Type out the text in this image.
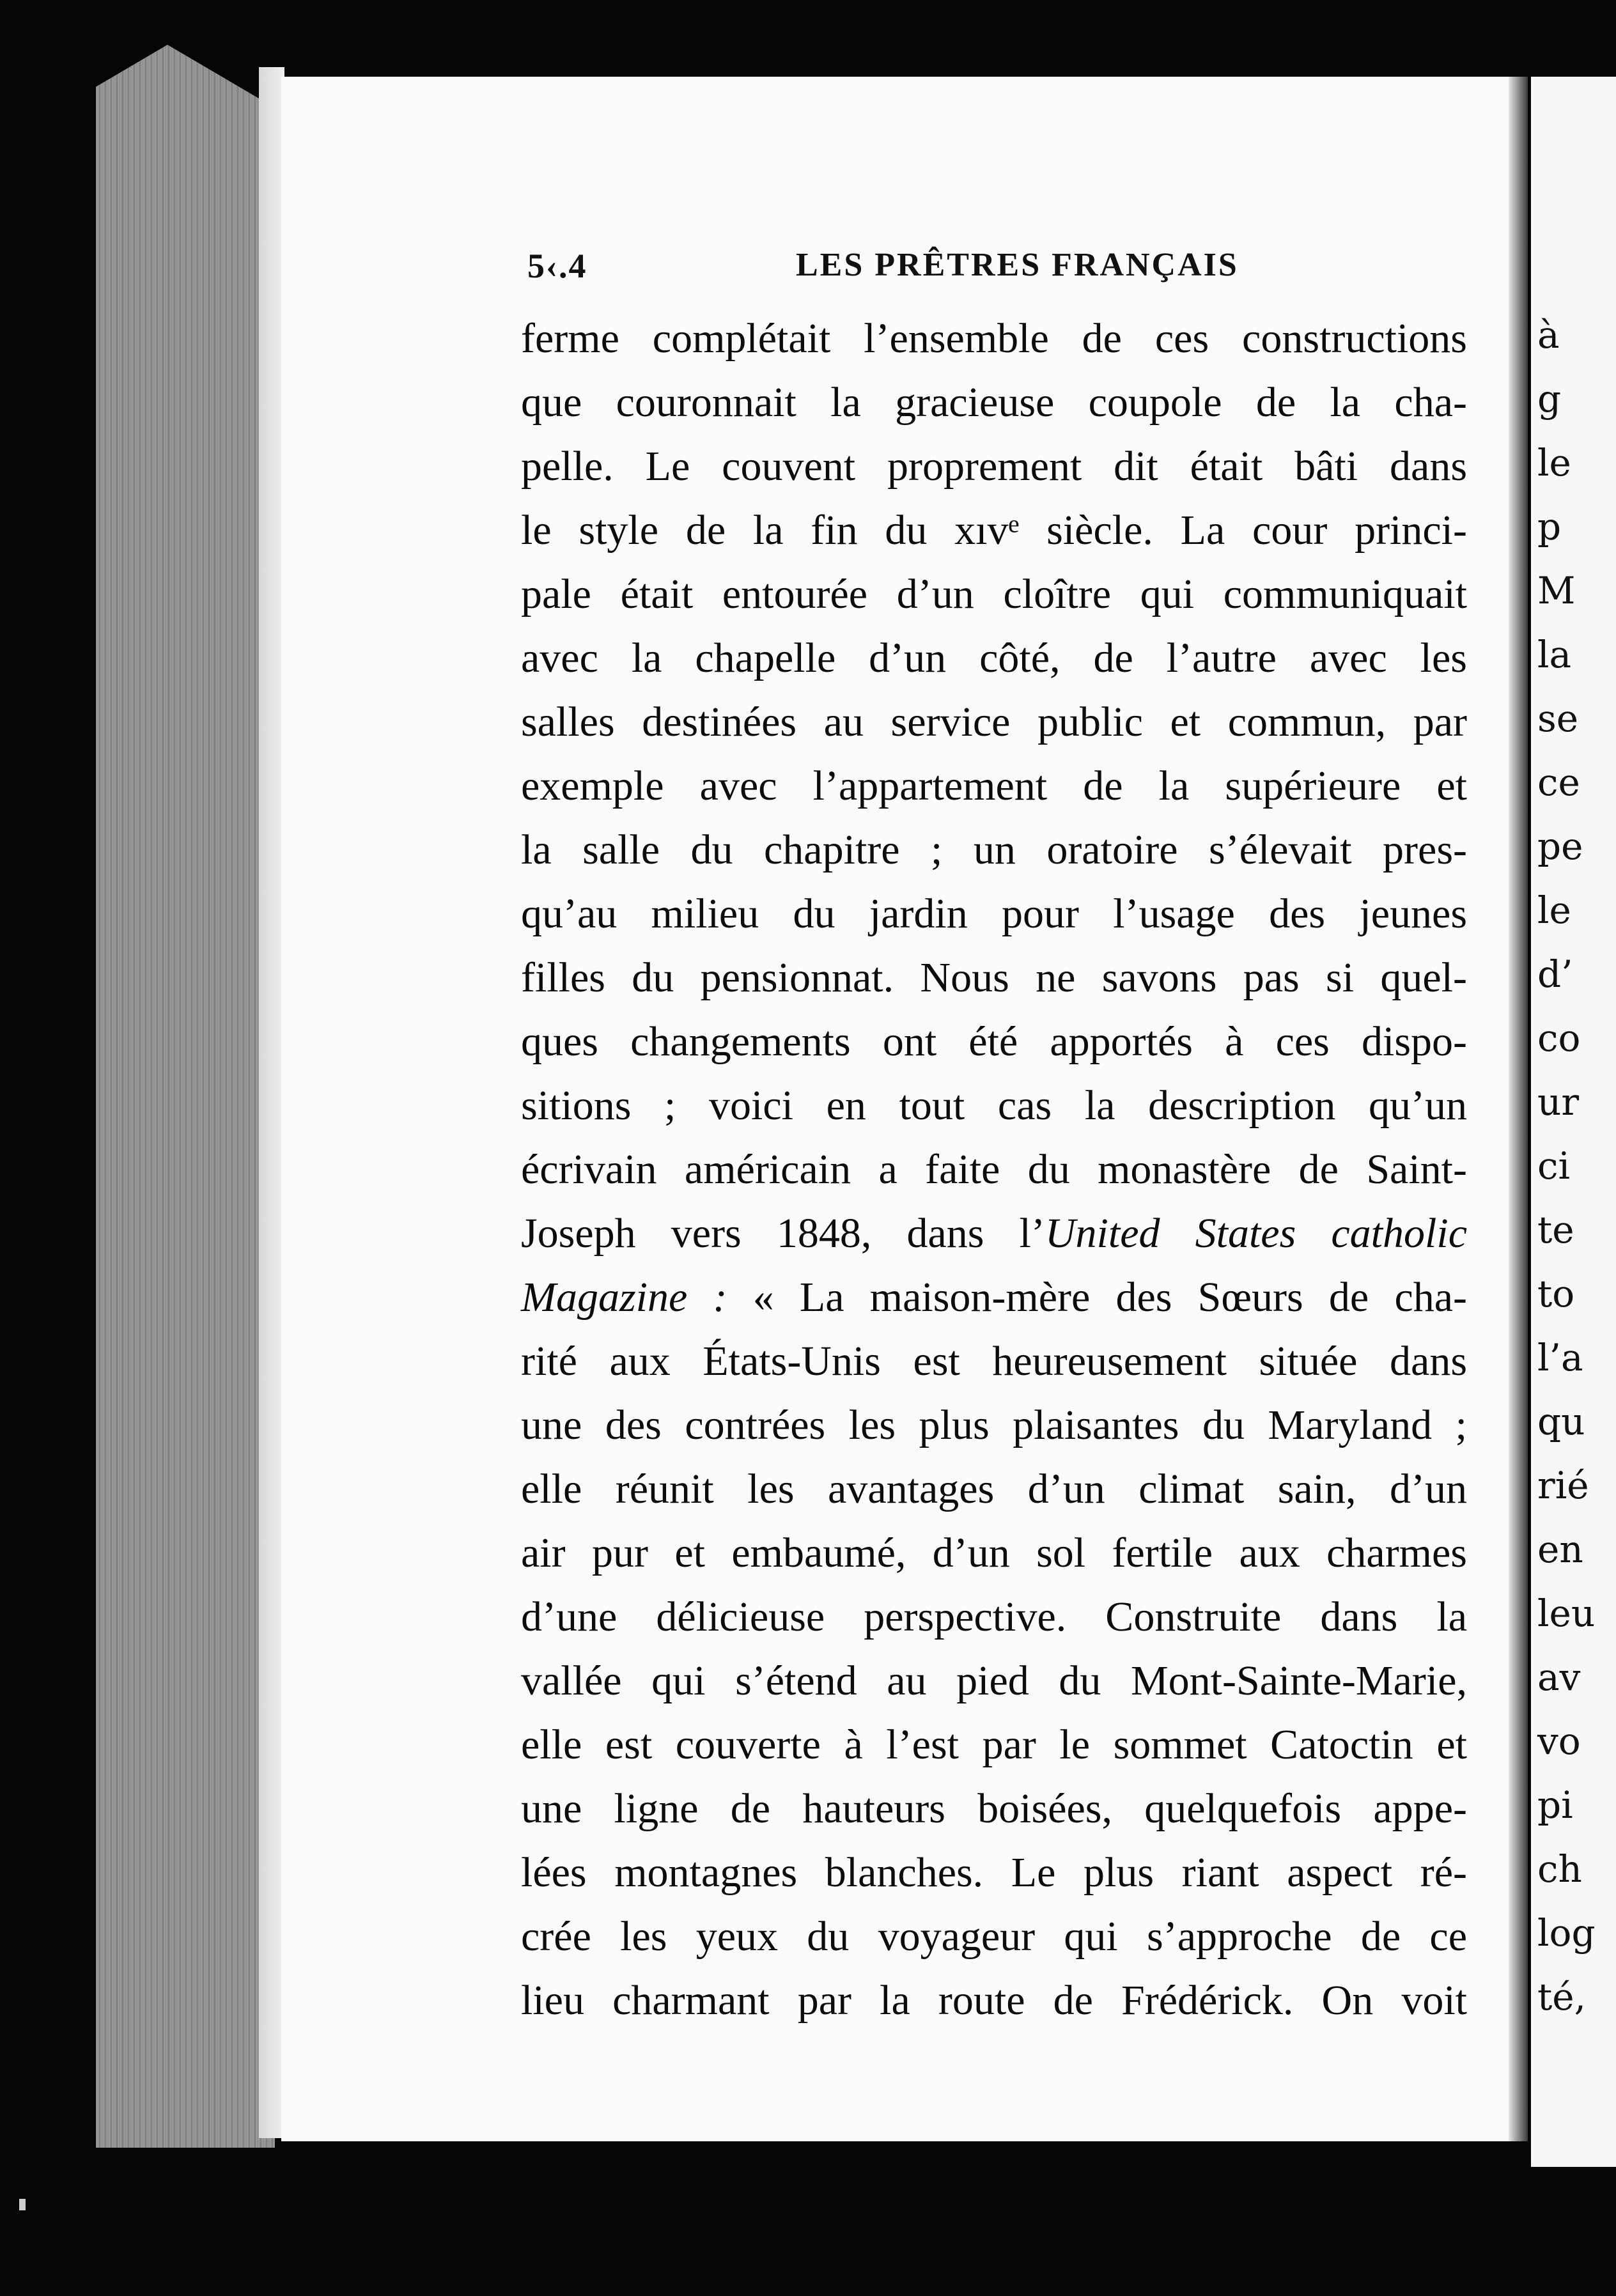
à
g
le
p
M
la
se
ce
pe
le
d’
co
ur
ci
te
to
l’a
qu
rié
en
leu
av
vo
pi
ch
log
té,
5‹.4	LES PRÊTRES FRANÇAIS
ferme complétait l’ensemble de ces constructions
que couronnait la gracieuse coupole de la cha-
pelle. Le couvent proprement dit était bâti dans
le style de la fin du xıvᵉ siècle. La cour princi-
pale était entourée d’un cloître qui communiquait
avec la chapelle d’un côté, de l’autre avec les
salles destinées au service public et commun, par
exemple avec l’appartement de la supérieure et
la salle du chapitre ; un oratoire s’élevait pres-
qu’au milieu du jardin pour l’usage des jeunes
filles du pensionnat. Nous ne savons pas si quel-
ques changements ont été apportés à ces dispo-
sitions ; voici en tout cas la description qu’un
écrivain américain a faite du monastère de Saint-
Joseph vers 1848, dans l’United States catholic
Magazine : « La maison-mère des Sœurs de cha-
rité aux États-Unis est heureusement située dans
une des contrées les plus plaisantes du Maryland ;
elle réunit les avantages d’un climat sain, d’un
air pur et embaumé, d’un sol fertile aux charmes
d’une délicieuse perspective. Construite dans la
vallée qui s’étend au pied du Mont-Sainte-Marie,
elle est couverte à l’est par le sommet Catoctin et
une ligne de hauteurs boisées, quelquefois appe-
lées montagnes blanches. Le plus riant aspect ré-
crée les yeux du voyageur qui s’approche de ce
lieu charmant par la route de Frédérick. On voit
